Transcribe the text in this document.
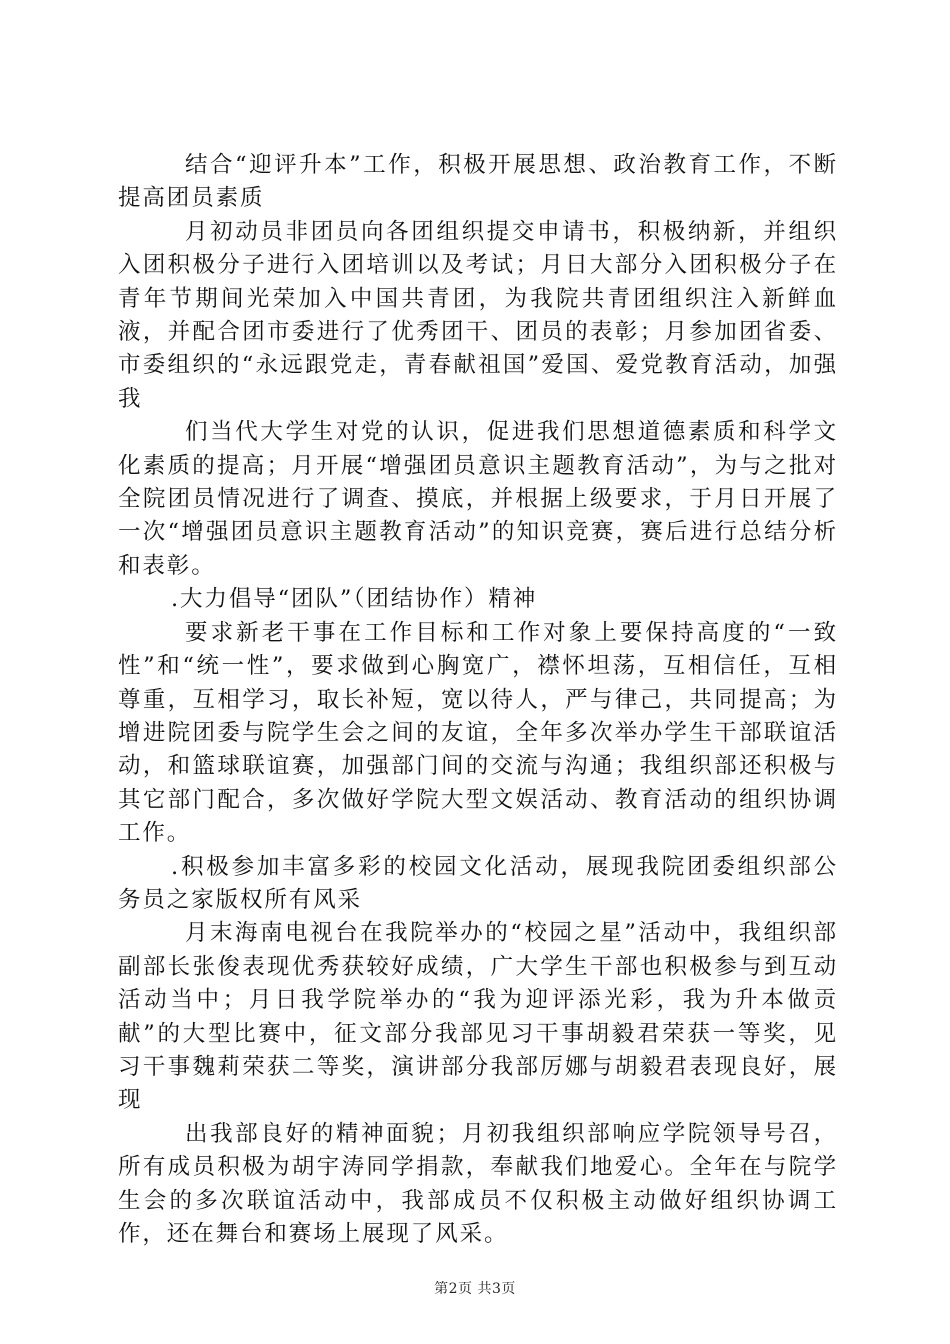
结合“迎评升本”工作，积极开展思想、政治教育工作，不断提高团员素质

月初动员非团员向各团组织提交申请书，积极纳新，并组织入团积极分子进行入团培训以及考试；月日大部分入团积极分子在青年节期间光荣加入中国共青团，为我院共青团组织注入新鲜血液，并配合团市委进行了优秀团干、团员的表彰；月参加团省委、市委组织的“永远跟党走，青春献祖国”爱国、爱党教育活动，加强我

们当代大学生对党的认识，促进我们思想道德素质和科学文化素质的提高；月开展“增强团员意识主题教育活动”，为与之批对全院团员情况进行了调查、摸底，并根据上级要求，于月日开展了一次“增强团员意识主题教育活动”的知识竞赛，赛后进行总结分析和表彰。

.大力倡导“团队”（团结协作）精神

要求新老干事在工作目标和工作对象上要保持高度的“一致性”和“统一性”，要求做到心胸宽广，襟怀坦荡，互相信任，互相尊重，互相学习，取长补短，宽以待人，严与律己，共同提高；为增进院团委与院学生会之间的友谊，全年多次举办学生干部联谊活动，和篮球联谊赛，加强部门间的交流与沟通；我组织部还积极与其它部门配合，多次做好学院大型文娱活动、教育活动的组织协调工作。

.积极参加丰富多彩的校园文化活动，展现我院团委组织部公务员之家版权所有风采

月末海南电视台在我院举办的“校园之星”活动中，我组织部副部长张俊表现优秀获较好成绩，广大学生干部也积极参与到互动活动当中；月日我学院举办的“我为迎评添光彩，我为升本做贡献”的大型比赛中，征文部分我部见习干事胡毅君荣获一等奖，见习干事魏莉荣获二等奖，演讲部分我部厉娜与胡毅君表现良好，展现

出我部良好的精神面貌；月初我组织部响应学院领导号召，所有成员积极为胡宇涛同学捐款，奉献我们地爱心。全年在与院学生会的多次联谊活动中，我部成员不仅积极主动做好组织协调工作，还在舞台和赛场上展现了风采。

第2页 共3页
